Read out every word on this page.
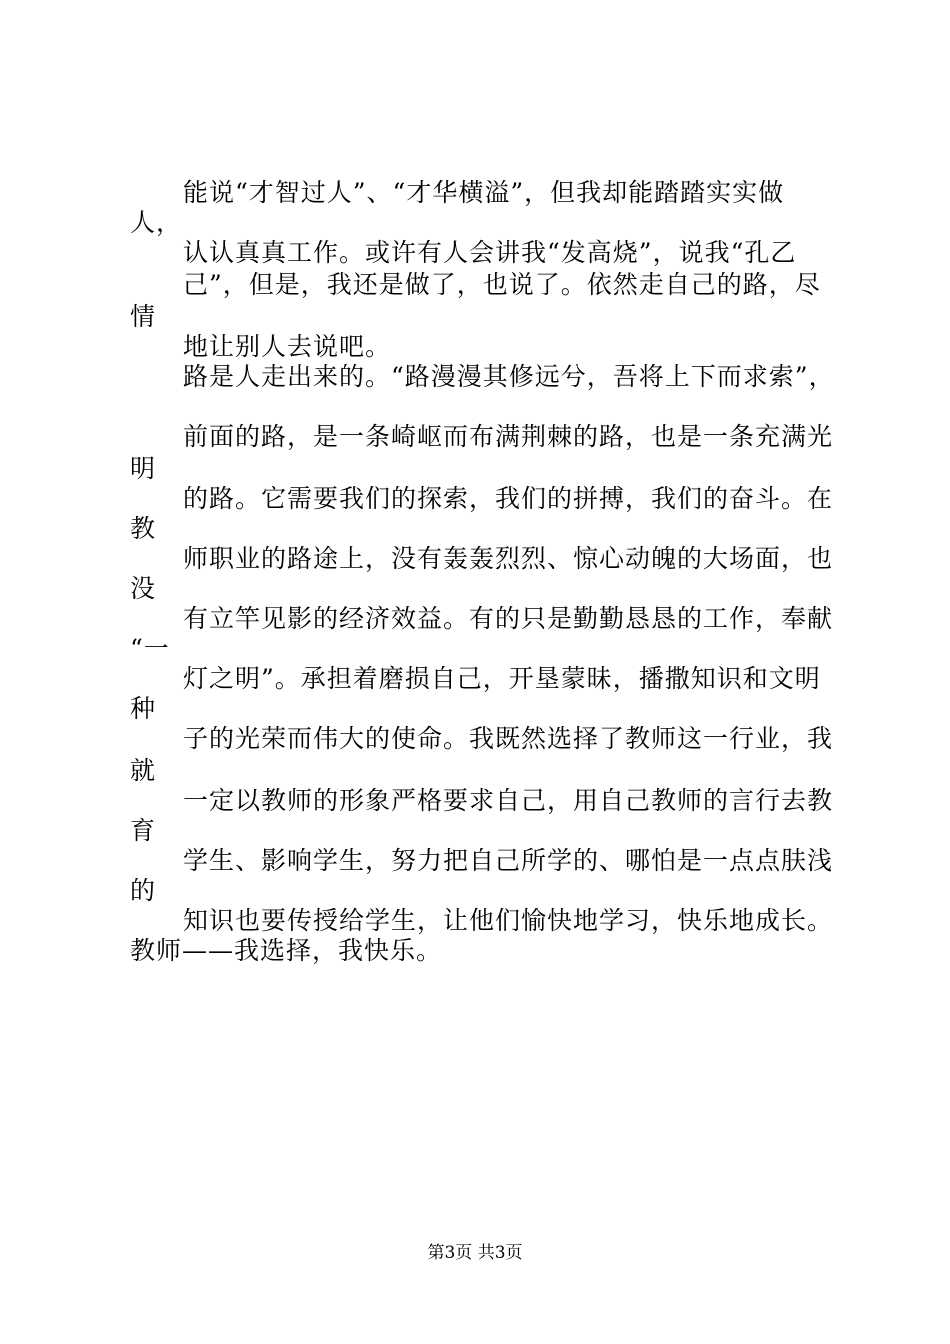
能说“才智过人”、“才华横溢”，但我却能踏踏实实做
人，
认认真真工作。或许有人会讲我“发高烧”，说我“孔乙
己”，但是，我还是做了，也说了。依然走自己的路，尽
情
地让别人去说吧。
路是人走出来的。“路漫漫其修远兮，吾将上下而求索”，
前面的路，是一条崎岖而布满荆棘的路，也是一条充满光
明
的路。它需要我们的探索，我们的拼搏，我们的奋斗。在
教
师职业的路途上，没有轰轰烈烈、惊心动魄的大场面，也
没
有立竿见影的经济效益。有的只是勤勤恳恳的工作，奉献
“一
灯之明”。承担着磨损自己，开垦蒙昧，播撒知识和文明
种
子的光荣而伟大的使命。我既然选择了教师这一行业，我
就
一定以教师的形象严格要求自己，用自己教师的言行去教
育
学生、影响学生，努力把自己所学的、哪怕是一点点肤浅
的
知识也要传授给学生，让他们愉快地学习，快乐地成长。
教师——我选择，我快乐。
第3页 共3页
